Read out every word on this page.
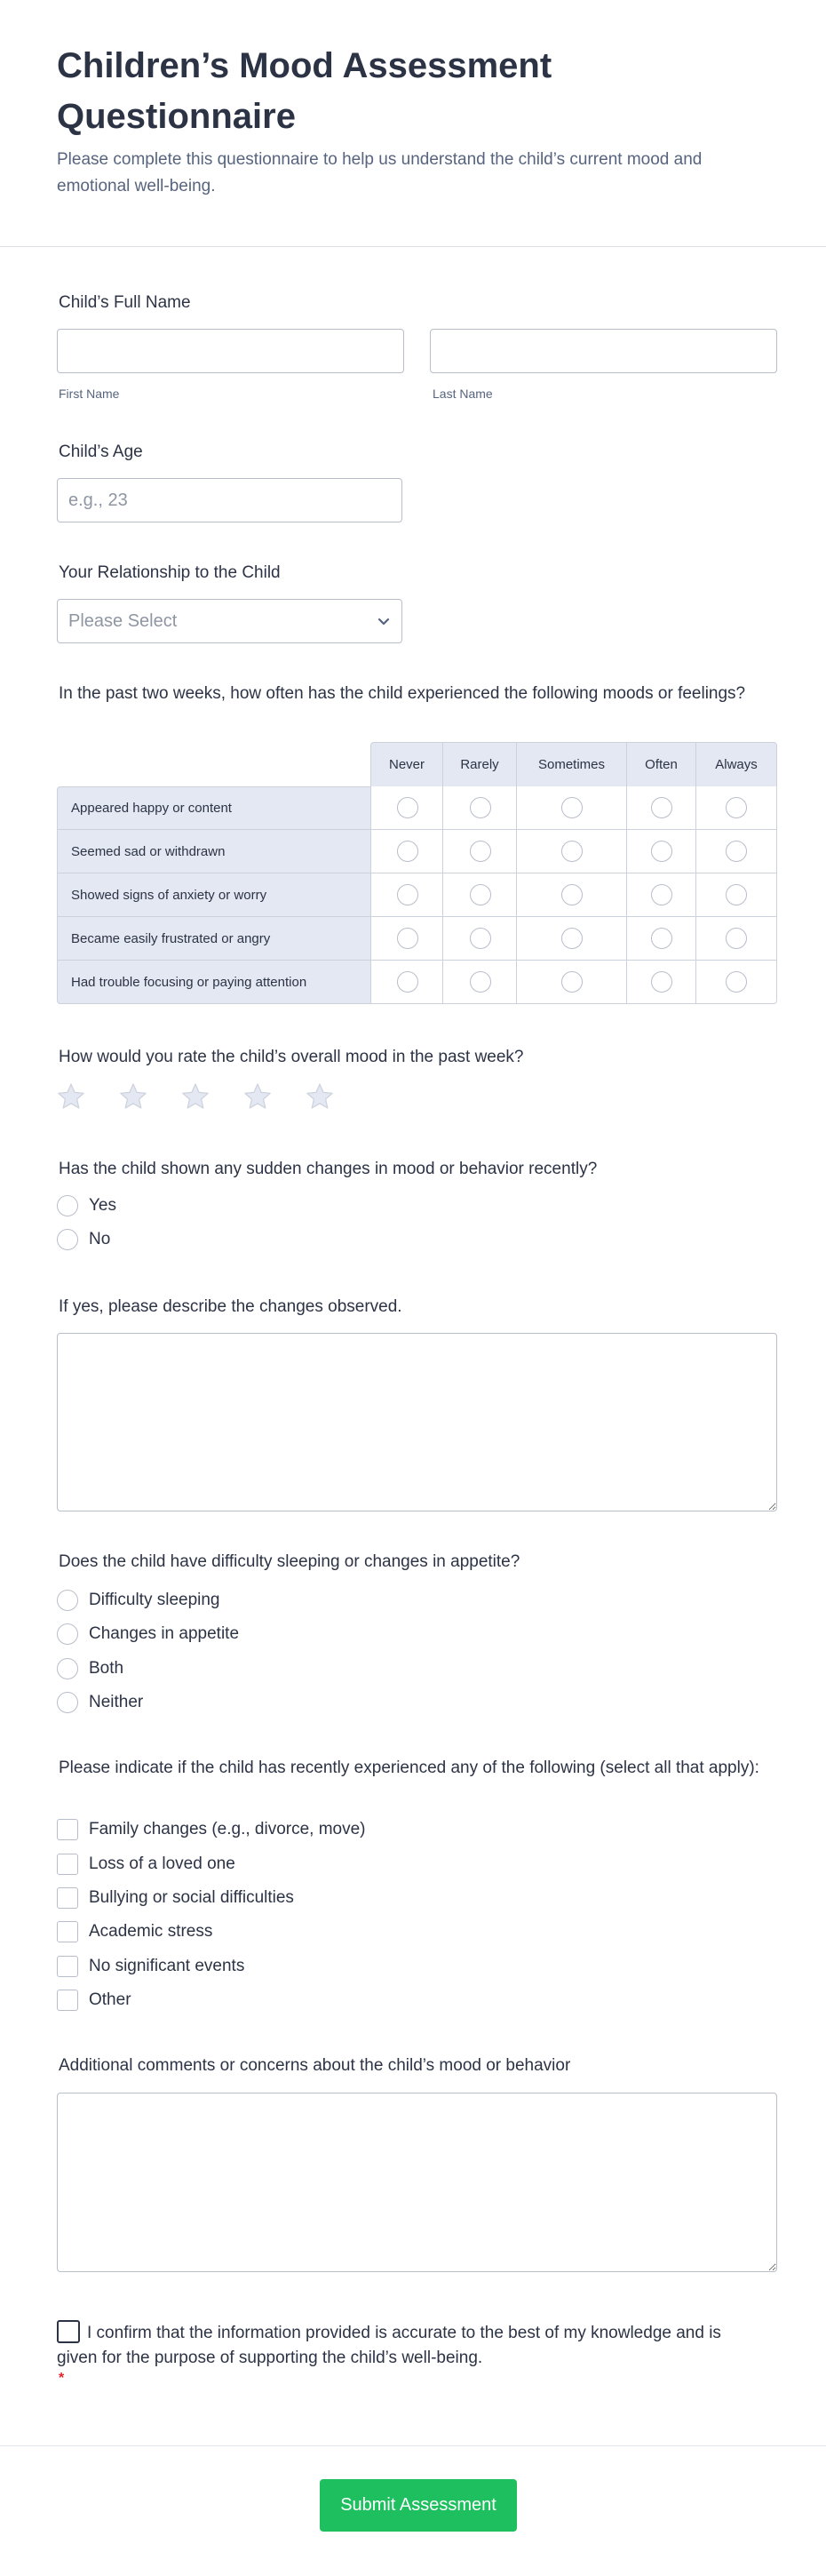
Children’s Mood Assessment Questionnaire

Please complete this questionnaire to help us understand the child’s current mood and emotional well-being.

Child’s Full Name
First Name	Last Name
Child’s Age
e.g., 23
Your Relationship to the Child
Please Select
In the past two weeks, how often has the child experienced the following moods or feelings?
Never	Rarely	Sometimes	Often	Always
Appeared happy or content
Seemed sad or withdrawn
Showed signs of anxiety or worry
Became easily frustrated or angry
Had trouble focusing or paying attention
How would you rate the child’s overall mood in the past week?
Has the child shown any sudden changes in mood or behavior recently?
Yes
No
If yes, please describe the changes observed.
Does the child have difficulty sleeping or changes in appetite?
Difficulty sleeping
Changes in appetite
Both
Neither
Please indicate if the child has recently experienced any of the following (select all that apply):
Family changes (e.g., divorce, move)
Loss of a loved one
Bullying or social difficulties
Academic stress
No significant events
Other
Additional comments or concerns about the child’s mood or behavior
I confirm that the information provided is accurate to the best of my knowledge and is given for the purpose of supporting the child’s well-being.
*
Submit Assessment
